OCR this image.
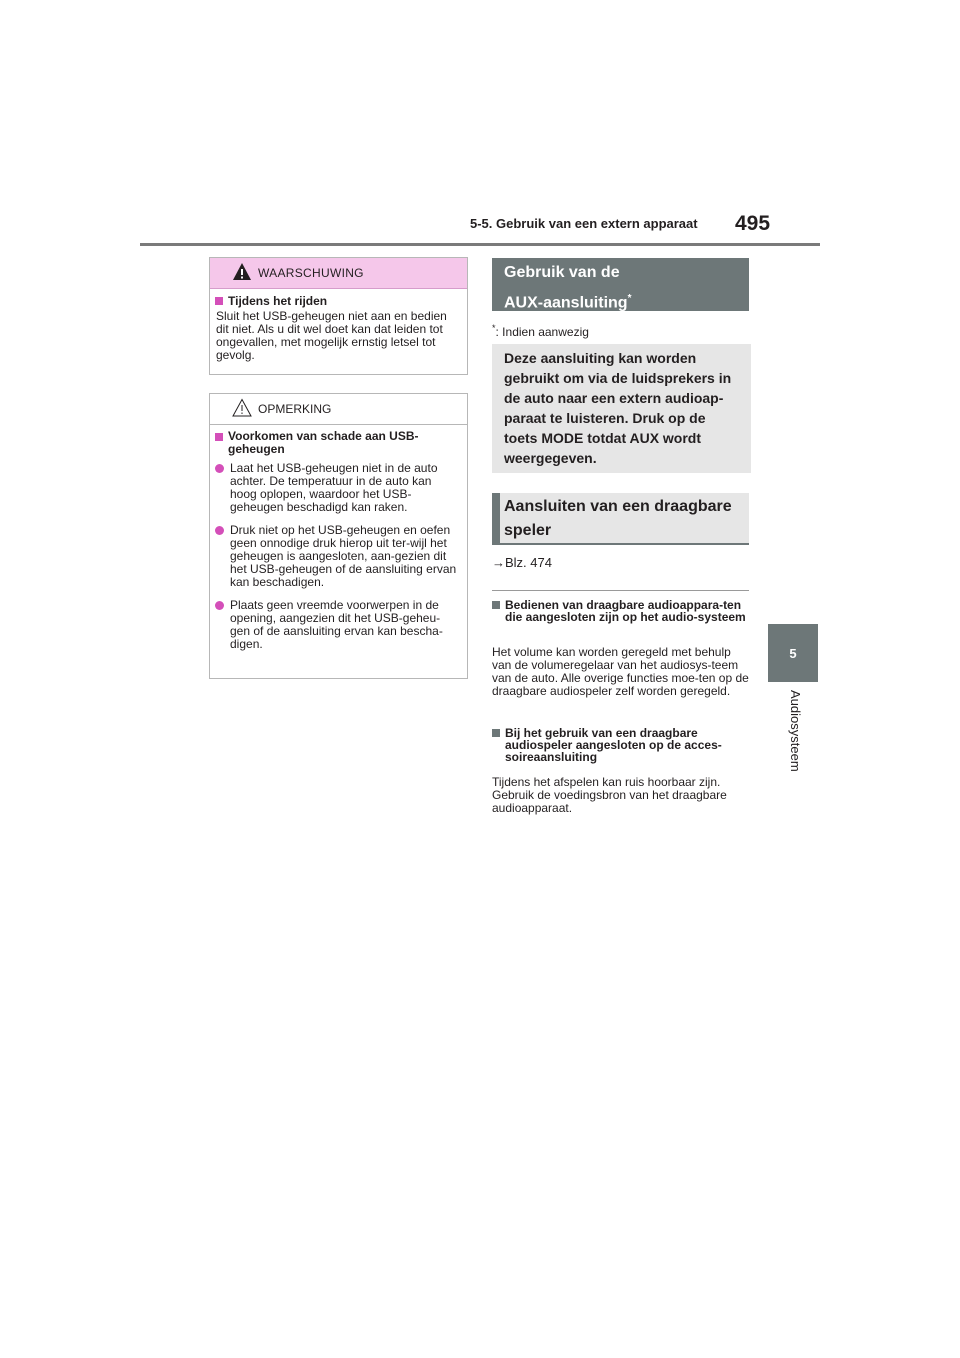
5-5. Gebruik van een extern apparaat	495
5
Audiosysteem
WAARSCHUWING
Tijdens het rijden
Sluit het USB-geheugen niet aan en bedien dit niet. Als u dit wel doet kan dat leiden tot ongevallen, met mogelijk ernstig letsel tot gevolg.
OPMERKING
Voorkomen van schade aan USB-
geheugen
Laat het USB-geheugen niet in de auto achter. De temperatuur in de auto kan hoog oplopen, waardoor het USB-geheugen beschadigd kan raken.
Druk niet op het USB-geheugen en oefen geen onnodige druk hierop uit ter-wijl het geheugen is aangesloten, aan-gezien dit het USB-geheugen of de aansluiting ervan kan beschadigen.
Plaats geen vreemde voorwerpen in de opening, aangezien dit het USB-geheu-gen of de aansluiting ervan kan bescha-digen.
Gebruik van de
AUX-aansluiting*
*: Indien aanwezig
Deze aansluiting kan worden gebruikt om via de luidsprekers in de auto naar een extern audioap-paraat te luisteren. Druk op de toets MODE totdat AUX wordt weergegeven.
Aansluiten van een draagbare speler
→Blz. 474
Bedienen van draagbare audioappara-ten die aangesloten zijn op het audio-systeem
Het volume kan worden geregeld met behulp van de volumeregelaar van het audiosys-teem van de auto. Alle overige functies moe-ten op de draagbare audiospeler zelf worden geregeld.
Bij het gebruik van een draagbare audiospeler aangesloten op de acces-soireaansluiting
Tijdens het afspelen kan ruis hoorbaar zijn. Gebruik de voedingsbron van het draagbare audioapparaat.
